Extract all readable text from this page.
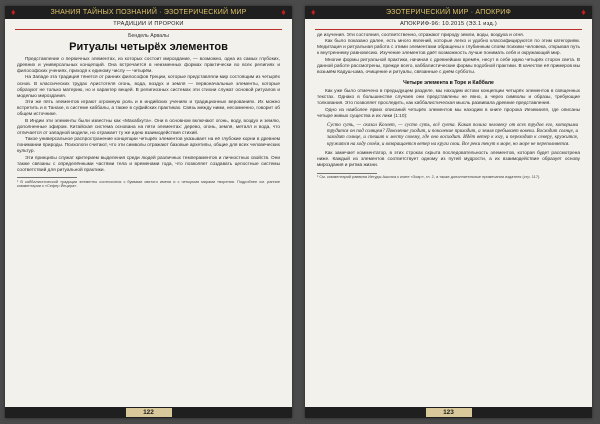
♦	ЗНАНИЯ ТАЙНЫХ ПОЗНАНИЙ · ЭЗОТЕРИЧЕСКИЙ МИР	♦
ТРАДИЦИИ И ПРОРОКИ
Бендель Арвалы
Ритуалы четырёх элементов

Представление о первичных элементах, из которых состоит мироздание, — возможно, одна из самых глубоких, древних и универсальных концепций. Она встречается в неизменных формах практически во всех религиях и философских учениях, приходя к единому числу — четырём.

На Западе эта традиция тянется от ранних философов Греции, которые представляли мир состоящим из четырёх основ. В классических трудах Аристотеля огонь, вода, воздух и земля — первоначальные элементы, которые образуют не только материю, но и характер вещей. В религиозных системах эти стихии служат основой ритуалов и моделью мироздания.

Эти же пять элементов играют огромную роль и в индийских учениях и традиционных верованиях. Их можно встретить и в Танахе, в системе каббалы, а также в суфийских практиках. Связь между ними, несомненно, говорит об общем источнике.

В Индии эти элементы были известны как «Махабхута». Они в основном включают огонь, воду, воздух и землю, дополненные эфиром. Китайская система основана на пяти элементах: дерево, огонь, земля, металл и вода, что отличается от западной модели, но отражает ту же идею взаимодействия стихий.

Такое универсальное распространение концепции четырёх элементов указывает на её глубокие корни в древнем понимании природы. Психологи считают, что эти символы отражают базовые архетипы, общие для всех человеческих культур.

Эти принципы служат критерием выделения среди людей различных темпераментов и личностных свойств. Они также связаны с определёнными частями тела и временами года, что позволяет создавать целостные системы соответствий для ритуальной практики.

¹ В каббалистической традиции элементы соотносятся с буквами святого имени и с четырьмя мирами творения. Подробнее см. ранние комментарии к «Сефер Йецира».
122
♦	ЭЗОТЕРИЧЕСКИЙ МИР · АПОКРИФ	♦
АПОКРИФ-96: 10.2015 (Э3.1 изд.)

де изучения. Эти состояния, соответственно, отражают природу земли, воды, воздуха и огня.

Как было показано далее, есть много явлений, которые легко и удобно классифицируются по этим категориям. Медитация и ритуальная работа с этими элементами обращены к глубинным слоям психики человека, открывая путь к внутреннему равновесию. Изучение элементов даёт возможность лучше понимать себя и окружающий мир.

Многие формы ритуальной практики, начиная с древнейших времён, несут в себе идею четырёх сторон света. В данной работе рассмотрены, прежде всего, каббалистические формы подобной практики. В качестве её примеров мы возьмём Кадуш-шма, очищение и ритуалы, связанные с днём субботы.

Четыре элемента в Торе и Каббале

Как уже было отмечено в предыдущем разделе, мы находим истоки концепции четырёх элементов в священных текстах. Однако в большинстве случаев они представлены не явно, а через символы и образы, требующие толкования. Это позволяет проследить, как каббалистическая мысль развивала древние представления.

Одно из наиболее ярких описаний четырёх элементов мы находим в книге пророка Иезекииля, где описаны четыре живых существа и их лики (1:10):

Сусто суть, — сказал Коэлет, — сусто суть, всё суета. Какая польза человеку от всех трудов его, которыми трудится он под солнцем? Поколение уходит, и поколение приходит, а земля пребывает вовеки. Восходит солнце, и заходит солнце, и спешит к месту своему, где оно восходит. Идёт ветер к югу, и переходит к северу, кружится, кружится на ходу своём, и возвращается ветер на круги свои. Все реки текут в море, но море не переполняется.

Как замечает комментатор, в этих строках скрыта последовательность элементов, которая будет рассмотрена ниже. Каждый из элементов соответствует одному из путей мудрости, а их взаимодействие образует основу мироздания и ритма жизни.

¹ См. комментарий раввина Иегуды Ашлага к книге «Зоар», гл. 2, а также дополнительные примечания издателя (стр. 117).
123
